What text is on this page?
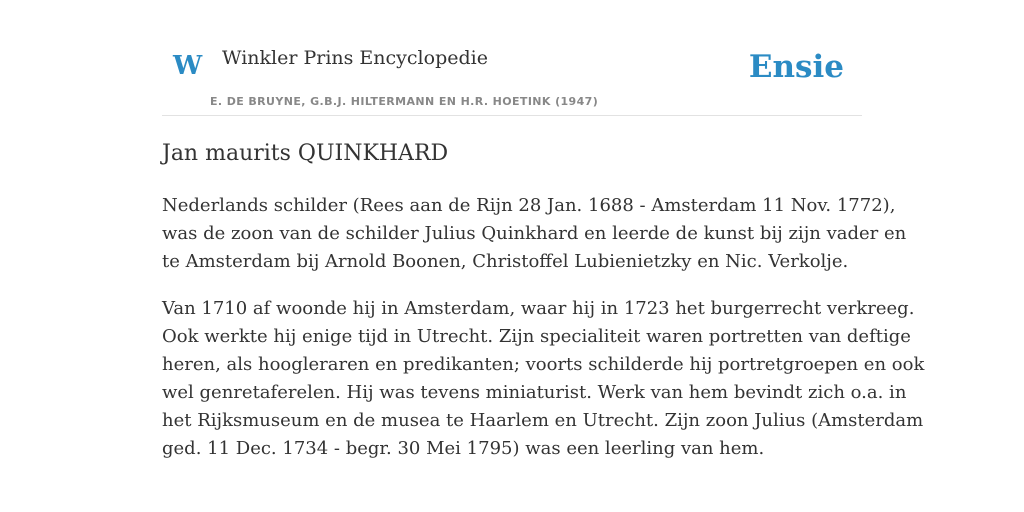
W Winkler Prins Encyclopedie
E. DE BRUYNE, G.B.J. HILTERMANN EN H.R. HOETINK (1947)
Ensie
Jan maurits QUINKHARD

Nederlands schilder (Rees aan de Rijn 28 Jan. 1688 - Amsterdam 11 Nov. 1772),
was de zoon van de schilder Julius Quinkhard en leerde de kunst bij zijn vader en
te Amsterdam bij Arnold Boonen, Christoffel Lubienietzky en Nic. Verkolje.

Van 1710 af woonde hij in Amsterdam, waar hij in 1723 het burgerrecht verkreeg.
Ook werkte hij enige tijd in Utrecht. Zijn specialiteit waren portretten van deftige
heren, als hoogleraren en predikanten; voorts schilderde hij portretgroepen en ook
wel genretaferelen. Hij was tevens miniaturist. Werk van hem bevindt zich o.a. in
het Rijksmuseum en de musea te Haarlem en Utrecht. Zijn zoon Julius (Amsterdam
ged. 11 Dec. 1734 - begr. 30 Mei 1795) was een leerling van hem.
